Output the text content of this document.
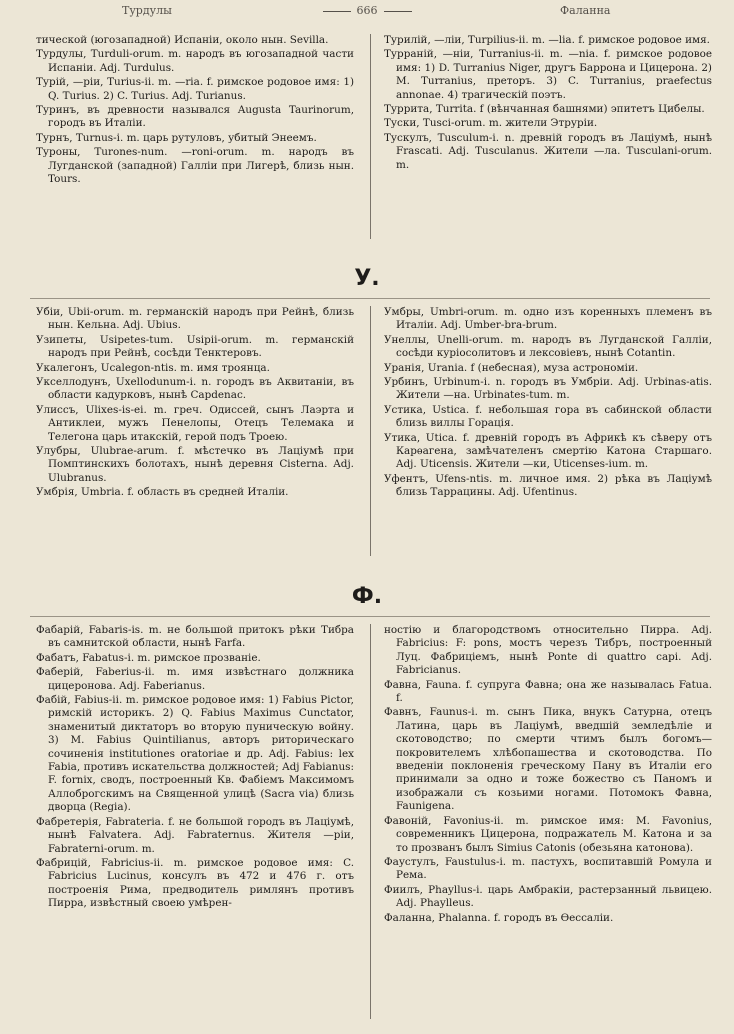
Турдулы	666	Фаланна

тической (югозападной) Испаніи, около нын. Sevilla.

Турдулы, Turduli-orum. m. народъ въ югозападной части Испаніи. Adj. Turdulus.

Турій, —ріи, Turius-ii. m. —ria. f. римское родовое имя: 1) Q. Turius. 2) C. Turius. Adj. Turianus.

Туринъ, въ древности назывался Augusta Taurinorum, городъ въ Италіи.

Турнъ, Turnus-i. m. царь рутуловъ, убитый Энеемъ.

Туроны, Turones-num. —roni-orum. m. народъ въ Лугданской (западной) Галліи при Лигерѣ, близь нын. Tours.

Турилій, —ліи, Turpilius-ii. m. —lia. f. римское родовое имя.

Турраній, —ніи, Turranius-ii. m. —nia. f. римское родовое имя: 1) D. Turranius Niger, другъ Баррона и Цицерона. 2) M. Turranius, преторъ. 3) C. Turranius, praefectus annonae. 4) трагическій поэтъ.

Туррита, Turrita. f (вѣнчанная башнями) эпитетъ Цибелы.

Туски, Tusci-orum. m. жители Этруріи.

Тускулъ, Tusculum-i. n. древній городъ въ Лаціумѣ, нынѣ Frascati. Adj. Tusculanus. Жители —ла. Tusculani-orum. m.

У.

Убіи, Ubii-orum. m. германскій народъ при Рейнѣ, близь нын. Кельна. Adj. Ubius.

Узипеты, Usipetes-tum. Usipii-orum. m. германскій народъ при Рейнѣ, сосѣди Тенктеровъ.

Укалегонъ, Ucalegon-ntis. m. имя троянца.

Укселлодунъ, Uxellodunum-i. n. городъ въ Аквитаніи, въ области кадурковъ, нынѣ Capdenac.

Улиссъ, Ulixes-is-ei. m. греч. Одиссей, сынъ Лаэрта и Антиклеи, мужъ Пенелопы, Отецъ Телемака и Телегона царь итакскій, герой подъ Троею.

Улубры, Ulubrae-arum. f. мѣстечко въ Лаціумѣ при Помптинскихъ болотахъ, нынѣ деревня Cisterna. Adj. Ulubranus.

Умбрія, Umbria. f. область въ средней Италіи.

Умбры, Umbri-orum. m. одно изъ коренныхъ племенъ въ Италіи. Adj. Umber-bra-brum.

Унеллы, Unelli-orum. m. народъ въ Лугданской Галліи, сосѣди куріосолитовъ и лексовіевъ, нынѣ Cotantin.

Уранія, Urania. f (небесная), муза астрономіи.

Урбинъ, Urbinum-i. n. городъ въ Умбріи. Adj. Urbinas-atis. Жители —на. Urbinates-tum. m.

Устика, Ustica. f. небольшая гора въ сабинской области близь виллы Горація.

Утика, Utica. f. древній городъ въ Африкѣ къ сѣверу отъ Карѳагена, замѣчателенъ смертію Катона Старшаго. Adj. Uticensis. Жители —ки, Uticenses-ium. m.

Уфентъ, Ufens-ntis. m. личное имя. 2) рѣка въ Лаціумѣ близь Таррацины. Adj. Ufentinus.

Ф.

Фабарій, Fabaris-is. m. не большой притокъ рѣки Тибра въ самнитской области, нынѣ Farfa.

Фабатъ, Fabatus-i. m. римское прозваніе.

Фаберій, Faberius-ii. m. имя извѣстнаго должника цицеронова. Adj. Faberianus.

Фабій, Fabius-ii. m. римское родовое имя: 1) Fabius Pictor, римскій историкъ. 2) Q. Fabius Maximus Cunctator, знаменитый диктаторъ во вторую пуническую войну. 3) M. Fabius Quintilianus, авторъ риторическаго сочиненія institutiones oratoriae и др. Adj. Fabius: lex Fabia, противъ искательства должностей; Adj Fabianus: F. fornix, сводъ, построенный Кв. Фабіемъ Максимомъ Аллоброгскимъ на Священной улицѣ (Sacra via) близь дворца (Regia).

Фабретерія, Fabrateria. f. не большой городъ въ Лаціумѣ, нынѣ Falvatera. Adj. Fabraternus. Жителя —ріи, Fabraterni-orum. m.

Фабрицій, Fabricius-ii. m. римское родовое имя: C. Fabricius Lucinus, консулъ въ 472 и 476 г. отъ построенія Рима, предводитель римлянъ противъ Пирра, извѣстный своею умѣрен-

ностію и благородствомъ относительно Пирра. Adj. Fabricius: F: pons, мостъ черезъ Тибръ, построенный Луц. Фабриціемъ, нынѣ Ponte di quattro capi. Adj. Fabricianus.

Фавна, Fauna. f. супруга Фавна; она же называлась Fatua. f.

Фавнъ, Faunus-i. m. сынъ Пика, внукъ Сатурна, отецъ Латина, царь въ Лаціумѣ, введшій земледѣліе и скотоводство; по смерти чтимъ былъ богомъ—покровителемъ хлѣбопашества и скотоводства. По введеніи поклоненія греческому Пану въ Италіи его принимали за одно и тоже божество съ Паномъ и изображали съ козьими ногами. Потомокъ Фавна, Faunigena.

Фавоній, Favonius-ii. m. римское имя: M. Favonius, современникъ Цицерона, подражатель М. Катона и за то прозванъ былъ Simius Catonis (обезьяна катонова).

Фаустулъ, Faustulus-i. m. пастухъ, воспитавшій Ромула и Рема.

Фиилъ, Phayllus-i. царь Амбракіи, растерзанный львицею. Adj. Phaylleus.

Фаланна, Phalanna. f. городъ въ Ѳессаліи.
